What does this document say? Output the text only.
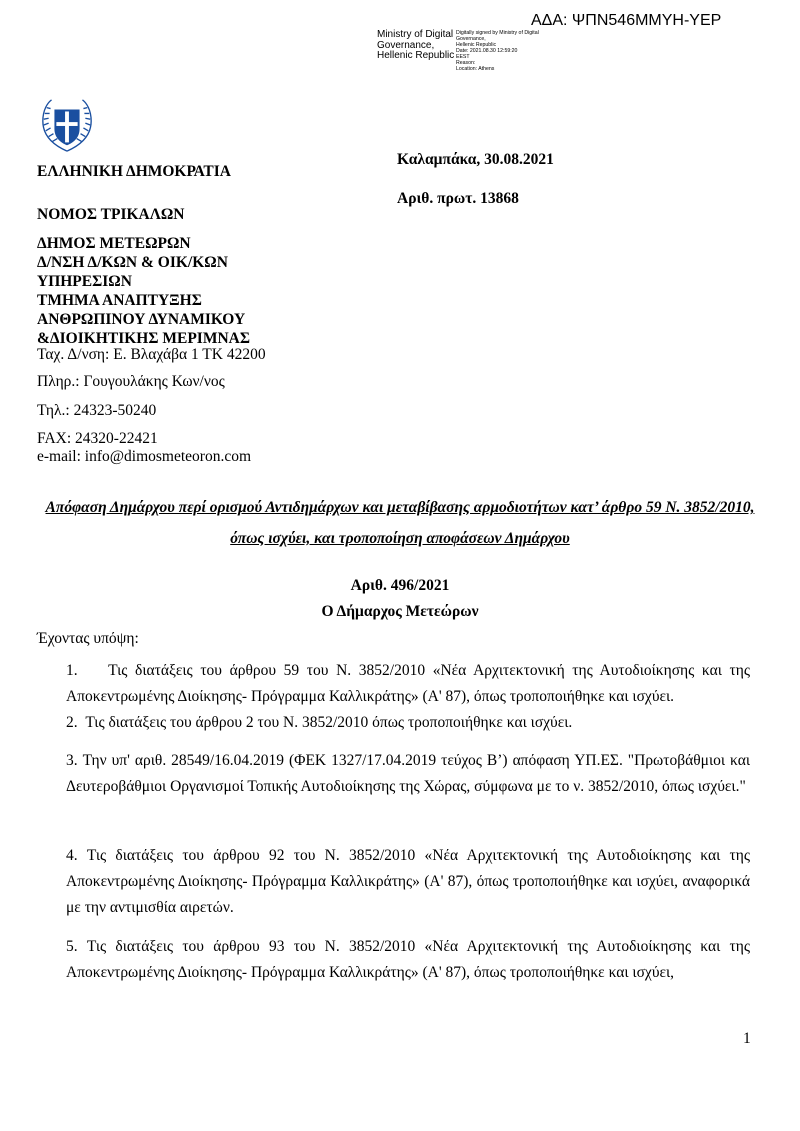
ΑΔΑ: ΨΠΝ546ΜΜΥΗ-ΥΕΡ
Ministry of Digital Governance, Hellenic Republic
Digitally signed by Ministry of Digital Governance,
Hellenic Republic
Date: 2021.08.30 12:59:20
EEST
Reason:
Location: Athens
ΕΛΛΗΝΙΚΗ ΔΗΜΟΚΡΑΤΙΑ
Καλαμπάκα, 30.08.2021
Αριθ. πρωτ. 13868
ΝΟΜΟΣ ΤΡΙΚΑΛΩΝ
ΔΗΜΟΣ ΜΕΤΕΩΡΩΝ
Δ/ΝΣΗ Δ/ΚΩΝ & ΟΙΚ/ΚΩΝ
ΥΠΗΡΕΣΙΩΝ
ΤΜΗΜΑ ΑΝΑΠΤΥΞΗΣ
ΑΝΘΡΩΠΙΝΟΥ ΔΥΝΑΜΙΚΟΥ
&ΔΙΟΙΚΗΤΙΚΗΣ ΜΕΡΙΜΝΑΣ
Ταχ. Δ/νση: Ε. Βλαχάβα 1 ΤΚ 42200
Πληρ.: Γουγουλάκης Κων/νος
Τηλ.: 24323-50240
FAX: 24320-22421
e-mail: info@dimosmeteoron.com
Απόφαση Δημάρχου περί ορισμού Αντιδημάρχων και μεταβίβασης αρμοδιοτήτων κατ’ άρθρο 59 Ν. 3852/2010, όπως ισχύει, και τροποποίηση αποφάσεων Δημάρχου
Αριθ. 496/2021
Ο Δήμαρχος Μετεώρων
Έχοντας υπόψη:
1. Τις διατάξεις του άρθρου 59 του Ν. 3852/2010 «Νέα Αρχιτεκτονική της Αυτοδιοίκησης και της Αποκεντρωμένης Διοίκησης- Πρόγραμμα Καλλικράτης» (Α' 87), όπως τροποποιήθηκε και ισχύει.
2. Τις διατάξεις του άρθρου 2 του Ν. 3852/2010 όπως τροποποιήθηκε και ισχύει.
3. Την υπ' αριθ. 28549/16.04.2019 (ΦΕΚ 1327/17.04.2019 τεύχος Β’) απόφαση ΥΠ.ΕΣ. "Πρωτοβάθμιοι και Δευτεροβάθμιοι Οργανισμοί Τοπικής Αυτοδιοίκησης της Χώρας, σύμφωνα με το ν. 3852/2010, όπως ισχύει."
4. Τις διατάξεις του άρθρου 92 του Ν. 3852/2010 «Νέα Αρχιτεκτονική της Αυτοδιοίκησης και της Αποκεντρωμένης Διοίκησης- Πρόγραμμα Καλλικράτης» (Α' 87), όπως τροποποιήθηκε και ισχύει, αναφορικά με την αντιμισθία αιρετών.
5. Τις διατάξεις του άρθρου 93 του Ν. 3852/2010 «Νέα Αρχιτεκτονική της Αυτοδιοίκησης και της Αποκεντρωμένης Διοίκησης- Πρόγραμμα Καλλικράτης» (Α' 87), όπως τροποποιήθηκε και ισχύει,
1
